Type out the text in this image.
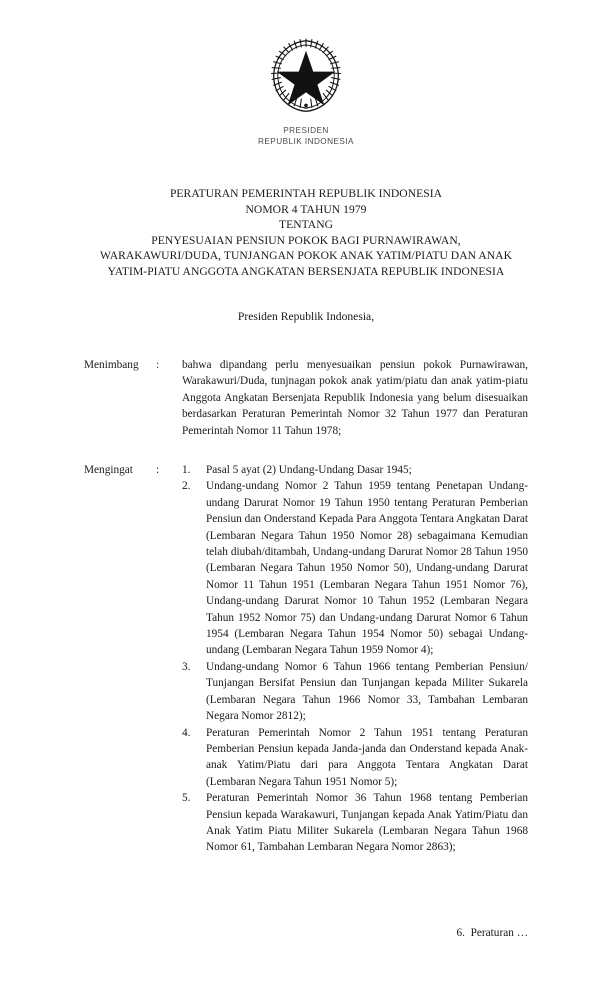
PRESIDEN
REPUBLIK INDONESIA
PERATURAN PEMERINTAH REPUBLIK INDONESIA
NOMOR 4 TAHUN 1979
TENTANG
PENYESUAIAN PENSIUN POKOK BAGI PURNAWIRAWAN,
WARAKAWURI/DUDA, TUNJANGAN POKOK ANAK YATIM/PIATU DAN ANAK
YATIM-PIATU ANGGOTA ANGKATAN BERSENJATA REPUBLIK INDONESIA
Presiden Republik Indonesia,
Menimbang	:	bahwa dipandang perlu menyesuaikan pensiun pokok Purnawirawan, Warakawuri/Duda, tunjnagan pokok anak yatim/piatu dan anak yatim-piatu Anggota Angkatan Bersenjata Republik Indonesia yang belum disesuaikan berdasarkan Peraturan Pemerintah Nomor 32 Tahun 1977 dan Peraturan Pemerintah Nomor 11 Tahun 1978;

Mengingat	:	1.	Pasal 5 ayat (2) Undang-Undang Dasar 1945;
2.	Undang-undang Nomor 2 Tahun 1959 tentang Penetapan Undang-undang Darurat Nomor 19 Tahun 1950 tentang Peraturan Pemberian Pensiun dan Onderstand Kepada Para Anggota Tentara Angkatan Darat (Lembaran Negara Tahun 1950 Nomor 28) sebagaimana Kemudian telah diubah/ditambah, Undang-undang Darurat Nomor 28 Tahun 1950 (Lembaran Negara Tahun 1950 Nomor 50), Undang-undang Darurat Nomor 11 Tahun 1951 (Lembaran Negara Tahun 1951 Nomor 76), Undang-undang Darurat Nomor 10 Tahun 1952 (Lembaran Negara Tahun 1952 Nomor 75) dan Undang-undang Darurat Nomor 6 Tahun 1954 (Lembaran Negara Tahun 1954 Nomor 50) sebagai Undang-undang (Lembaran Negara Tahun 1959 Nomor 4);
3.	Undang-undang Nomor 6 Tahun 1966 tentang Pemberian Pensiun/ Tunjangan Bersifat Pensiun dan Tunjangan kepada Militer Sukarela (Lembaran Negara Tahun 1966 Nomor 33, Tambahan Lembaran Negara Nomor 2812);
4.	Peraturan Pemerintah Nomor 2 Tahun 1951 tentang Peraturan Pemberian Pensiun kepada Janda-janda dan Onderstand kepada Anak-anak Yatim/Piatu dari para Anggota Tentara Angkatan Darat (Lembaran Negara Tahun 1951 Nomor 5);
5.	Peraturan Pemerintah Nomor 36 Tahun 1968 tentang Pemberian Pensiun kepada Warakawuri, Tunjangan kepada Anak Yatim/Piatu dan Anak Yatim Piatu Militer Sukarela (Lembaran Negara Tahun 1968 Nomor 61, Tambahan Lembaran Negara Nomor 2863);
6.  Peraturan …
